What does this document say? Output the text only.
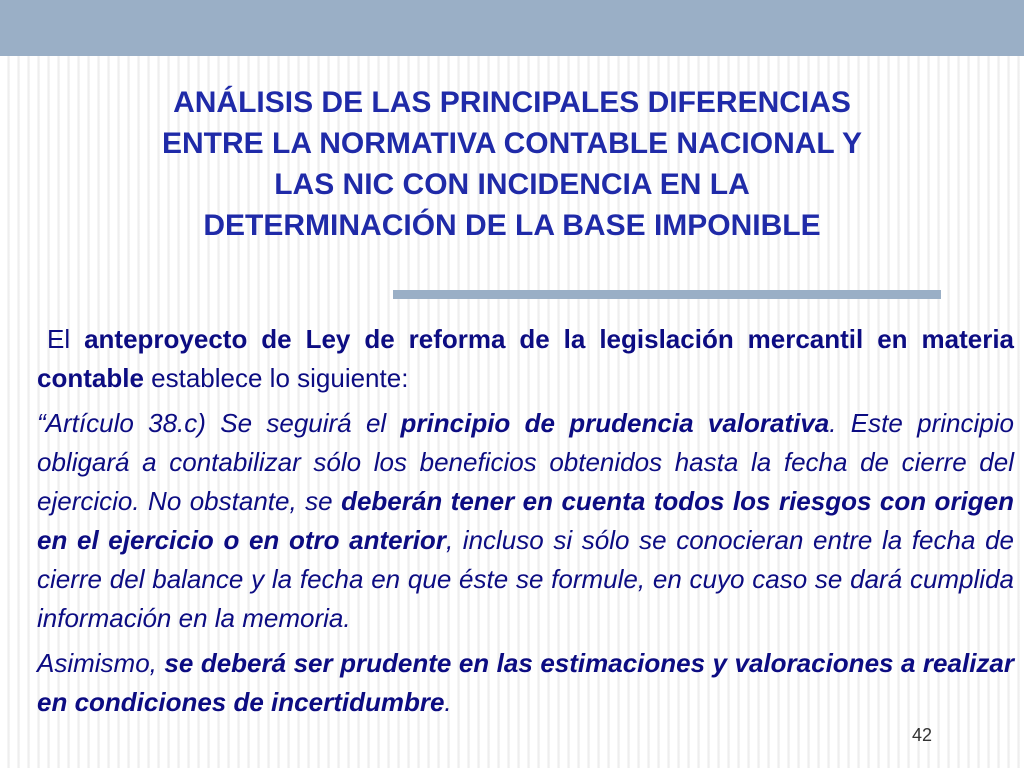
ANÁLISIS DE LAS PRINCIPALES DIFERENCIAS
ENTRE LA NORMATIVA CONTABLE NACIONAL Y
LAS NIC CON INCIDENCIA EN LA
DETERMINACIÓN DE LA BASE IMPONIBLE

El anteproyecto de Ley de reforma de la legislación mercantil en materia contable establece lo siguiente:

“Artículo 38.c) Se seguirá el principio de prudencia valorativa. Este principio obligará a contabilizar sólo los beneficios obtenidos hasta la fecha de cierre del ejercicio. No obstante, se deberán tener en cuenta todos los riesgos con origen en el ejercicio o en otro anterior, incluso si sólo se conocieran entre la fecha de cierre del balance y la fecha en que éste se formule, en cuyo caso se dará cumplida información en la memoria.

Asimismo, se deberá ser prudente en las estimaciones y valoraciones a realizar en condiciones de incertidumbre.

42
